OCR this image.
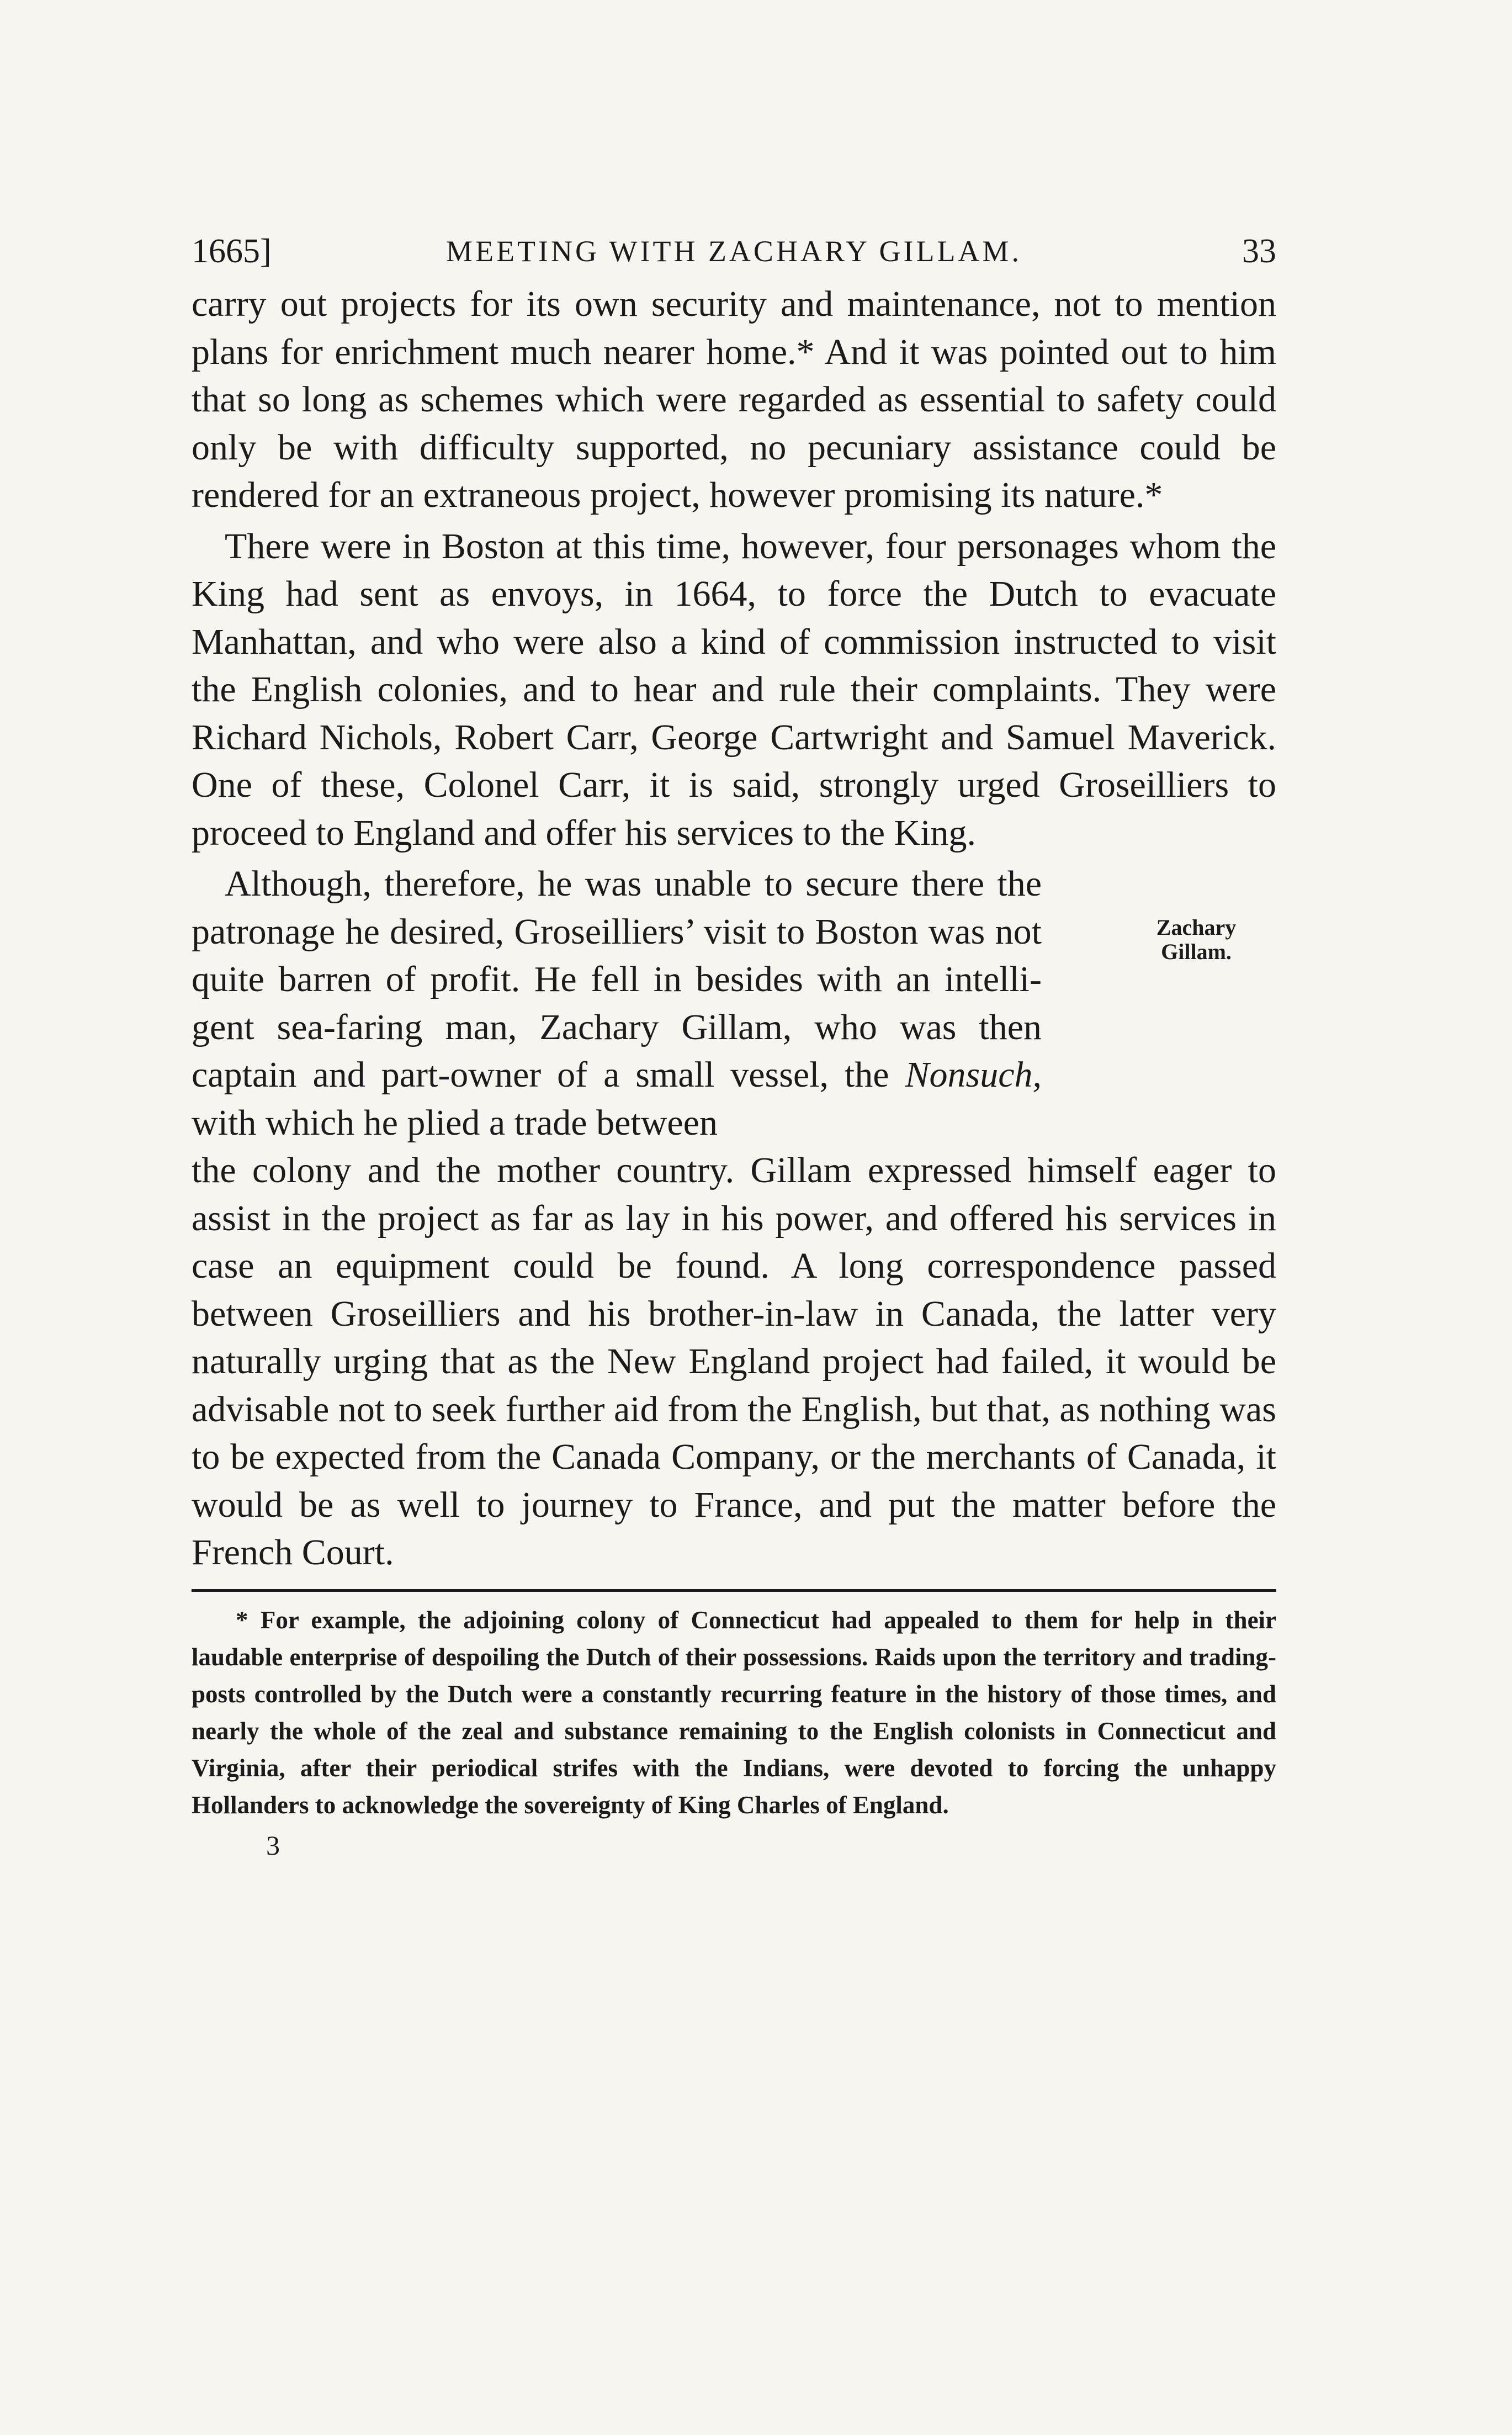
1665]	MEETING WITH ZACHARY GILLAM.	33

carry out projects for its own security and maintenance, not to mention plans for enrichment much nearer home.* And it was pointed out to him that so long as schemes which were regarded as essential to safety could only be with difficulty supported, no pecuniary assistance could be rendered for an extraneous project, however promising its nature.*

There were in Boston at this time, however, four personages whom the King had sent as envoys, in 1664, to force the Dutch to evacuate Manhattan, and who were also a kind of commission instructed to visit the English colonies, and to hear and rule their complaints. They were Richard Nichols, Robert Carr, George Cartwright and Samuel Maverick. One of these, Colonel Carr, it is said, strongly urged Groseilliers to proceed to England and offer his services to the King.

Although, therefore, he was unable to secure there the patronage he desired, Groseilliers’ visit to Boston was not quite barren of profit. He fell in besides with an intelligent sea-faring man, Zachary Gillam, who was then captain and part-owner of a small vessel, the Nonsuch, with which he plied a trade between
Zachary
Gillam.

the colony and the mother country. Gillam expressed himself eager to assist in the project as far as lay in his power, and offered his services in case an equipment could be found. A long correspondence passed between Groseilliers and his brother-in-law in Canada, the latter very naturally urging that as the New England project had failed, it would be advisable not to seek further aid from the English, but that, as nothing was to be expected from the Canada Company, or the merchants of Canada, it would be as well to journey to France, and put the matter before the French Court.

* For example, the adjoining colony of Connecticut had appealed to them for help in their laudable enterprise of despoiling the Dutch of their possessions. Raids upon the territory and trading-posts controlled by the Dutch were a constantly recurring feature in the history of those times, and nearly the whole of the zeal and substance remaining to the English colonists in Connecticut and Virginia, after their periodical strifes with the Indians, were devoted to forcing the unhappy Hollanders to acknowledge the sovereignty of King Charles of England.
3
